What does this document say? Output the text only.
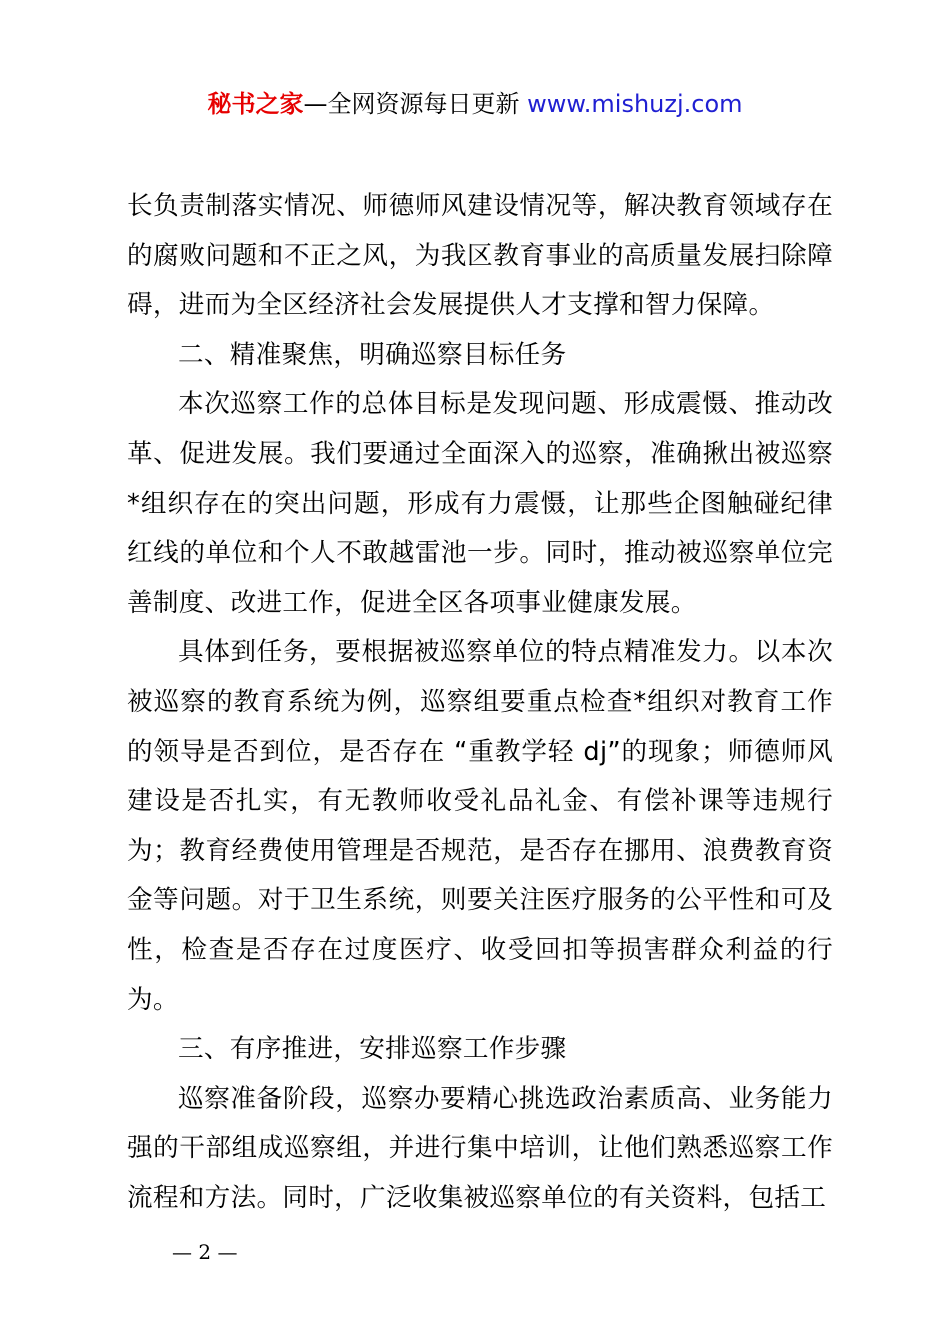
秘书之家—全网资源每日更新 www.mishuzj.com

长负责制落实情况、师德师风建设情况等，解决教育领域存在的腐败问题和不正之风，为我区教育事业的高质量发展扫除障碍，进而为全区经济社会发展提供人才支撑和智力保障。

二、精准聚焦，明确巡察目标任务

本次巡察工作的总体目标是发现问题、形成震慑、推动改革、促进发展。我们要通过全面深入的巡察，准确揪出被巡察*组织存在的突出问题，形成有力震慑，让那些企图触碰纪律红线的单位和个人不敢越雷池一步。同时，推动被巡察单位完善制度、改进工作，促进全区各项事业健康发展。

具体到任务，要根据被巡察单位的特点精准发力。以本次被巡察的教育系统为例，巡察组要重点检查*组织对教育工作的领导是否到位，是否存在 “重教学轻 dj”的现象；师德师风建设是否扎实，有无教师收受礼品礼金、有偿补课等违规行为；教育经费使用管理是否规范，是否存在挪用、浪费教育资金等问题。对于卫生系统，则要关注医疗服务的公平性和可及性，检查是否存在过度医疗、收受回扣等损害群众利益的行为。

三、有序推进，安排巡察工作步骤

巡察准备阶段，巡察办要精心挑选政治素质高、业务能力强的干部组成巡察组，并进行集中培训，让他们熟悉巡察工作流程和方法。同时，广泛收集被巡察单位的有关资料，包括工

— 2 —
